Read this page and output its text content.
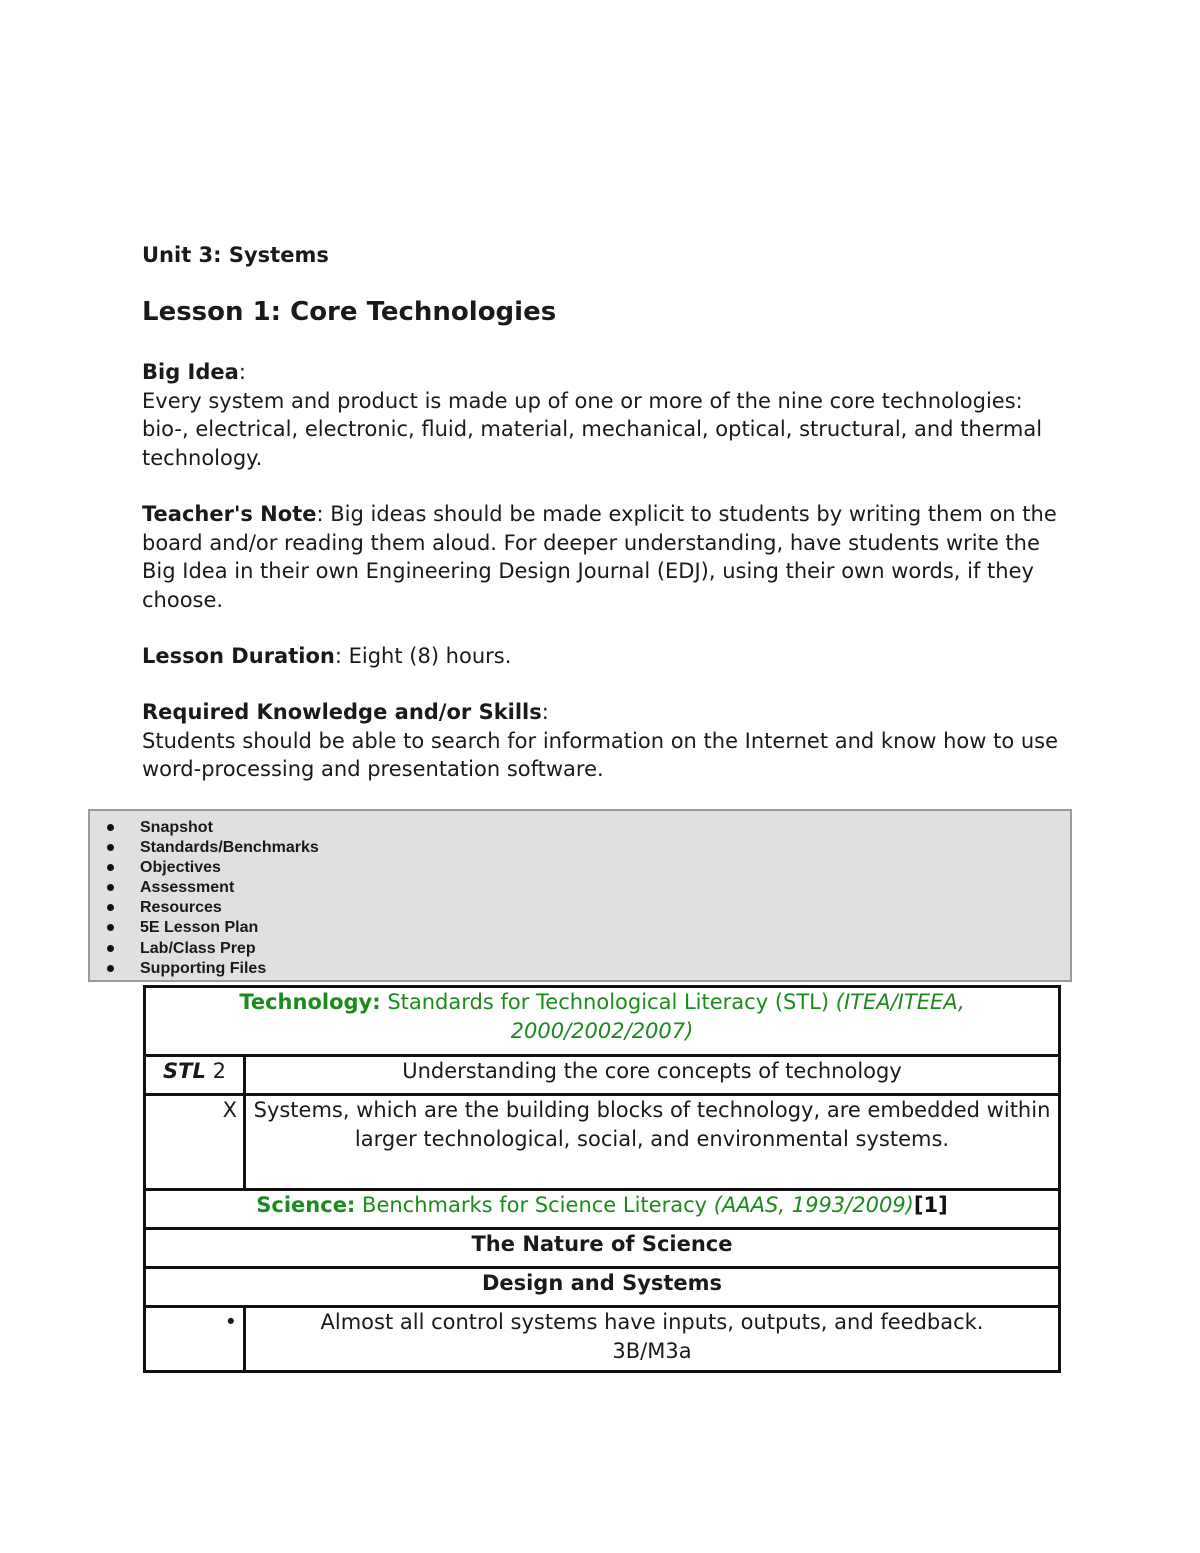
Unit 3: Systems
Lesson 1: Core Technologies
Big Idea:
Every system and product is made up of one or more of the nine core technologies: bio-, electrical, electronic, fluid, material, mechanical, optical, structural, and thermal technology.
Teacher's Note: Big ideas should be made explicit to students by writing them on the board and/or reading them aloud. For deeper understanding, have students write the Big Idea in their own Engineering Design Journal (EDJ), using their own words, if they choose.
Lesson Duration: Eight (8) hours.
Required Knowledge and/or Skills:
Students should be able to search for information on the Internet and know how to use word-processing and presentation software.
Snapshot
Standards/Benchmarks
Objectives
Assessment
Resources
5E Lesson Plan
Lab/Class Prep
Supporting Files
Technology: Standards for Technological Literacy (STL) (ITEA/ITEEA, 2000/2002/2007)	
STL 2	Understanding the core concepts of technology
X	Systems, which are the building blocks of technology, are embedded within larger technological, social, and environmental systems.
Science: Benchmarks for Science Literacy (AAAS, 1993/2009)[1]	
The Nature of Science	
Design and Systems	
•	Almost all control systems have inputs, outputs, and feedback.
3B/M3a
